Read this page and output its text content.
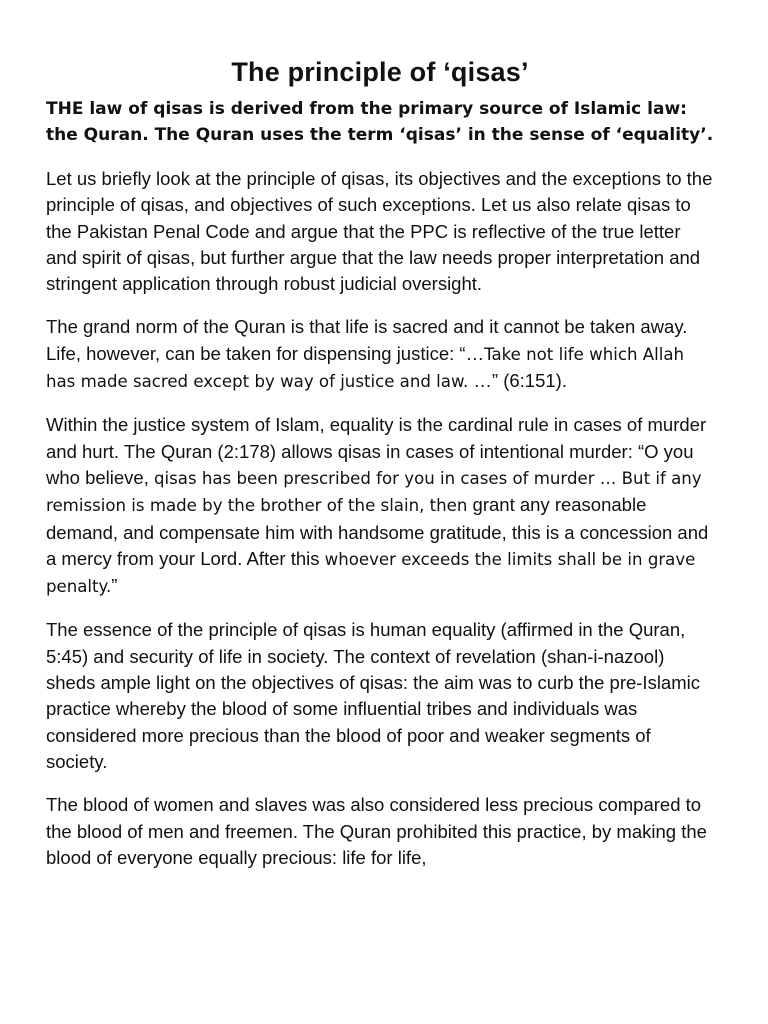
The principle of ‘qisas’

THE law of qisas is derived from the primary source of Islamic law: the Quran. The Quran uses the term ‘qisas’ in the sense of ‘equality’.

Let us briefly look at the principle of qisas, its objectives and the exceptions to the principle of qisas, and objectives of such exceptions. Let us also relate qisas to the Pakistan Penal Code and argue that the PPC is reflective of the true letter and spirit of qisas, but further argue that the law needs proper interpretation and stringent application through robust judicial oversight.

The grand norm of the Quran is that life is sacred and it cannot be taken away. Life, however, can be taken for dispensing justice: “…Take not life which Allah has made sacred except by way of justice and law. …” (6:151).

Within the justice system of Islam, equality is the cardinal rule in cases of murder and hurt. The Quran (2:178) allows qisas in cases of intentional murder: “O you who believe, qisas has been prescribed for you in cases of murder … But if any remission is made by the brother of the slain, then grant any reasonable demand, and compensate him with handsome gratitude, this is a concession and a mercy from your Lord. After this whoever exceeds the limits shall be in grave penalty.”

The essence of the principle of qisas is human equality (affirmed in the Quran, 5:45) and security of life in society. The context of revelation (shan-i-nazool) sheds ample light on the objectives of qisas: the aim was to curb the pre-Islamic practice whereby the blood of some influential tribes and individuals was considered more precious than the blood of poor and weaker segments of society.

The blood of women and slaves was also considered less precious compared to the blood of men and freemen. The Quran prohibited this practice, by making the blood of everyone equally precious: life for life,
